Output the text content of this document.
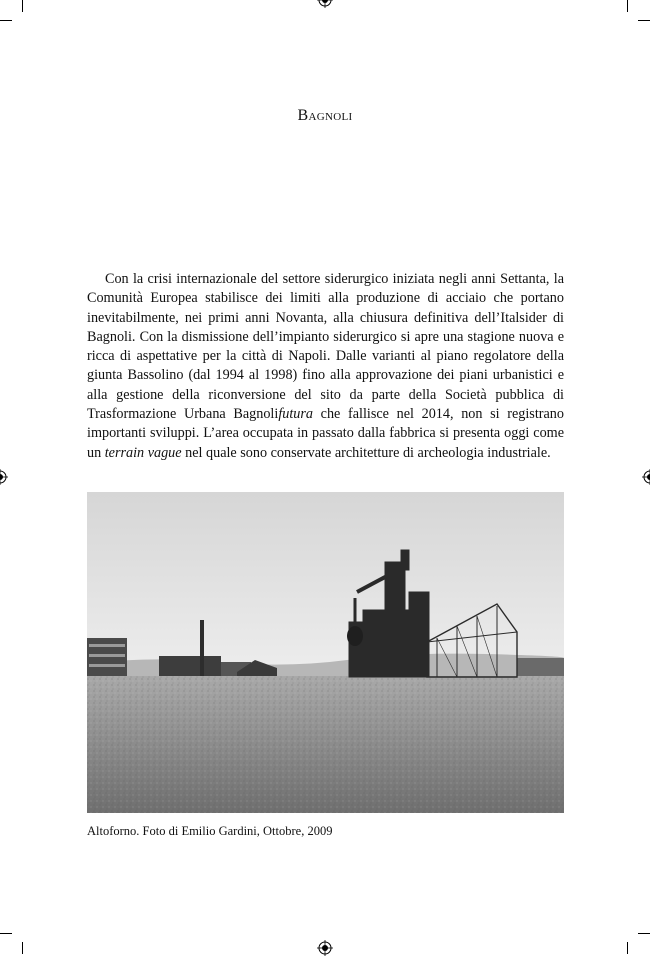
Bagnoli

Con la crisi internazionale del settore siderurgico iniziata negli anni Settanta, la Comunità Europea stabilisce dei limiti alla produzione di acciaio che portano inevitabilmente, nei primi anni Novanta, alla chiusura definitiva dell’Italsider di Bagnoli. Con la dismissione dell’impianto siderurgico si apre una stagione nuova e ricca di aspettative per la città di Napoli. Dalle varianti al piano regolatore della giunta Bassolino (dal 1994 al 1998) fino alla approvazione dei piani urbanistici e alla gestione della riconversione del sito da parte della Società pubblica di Trasformazione Urbana Bagnolifutura che fallisce nel 2014, non si registrano importanti sviluppi. L’area occupata in passato dalla fabbrica si presenta oggi come un terrain vague nel quale sono conservate architetture di archeologia industriale.

Altoforno. Foto di Emilio Gardini, Ottobre, 2009
